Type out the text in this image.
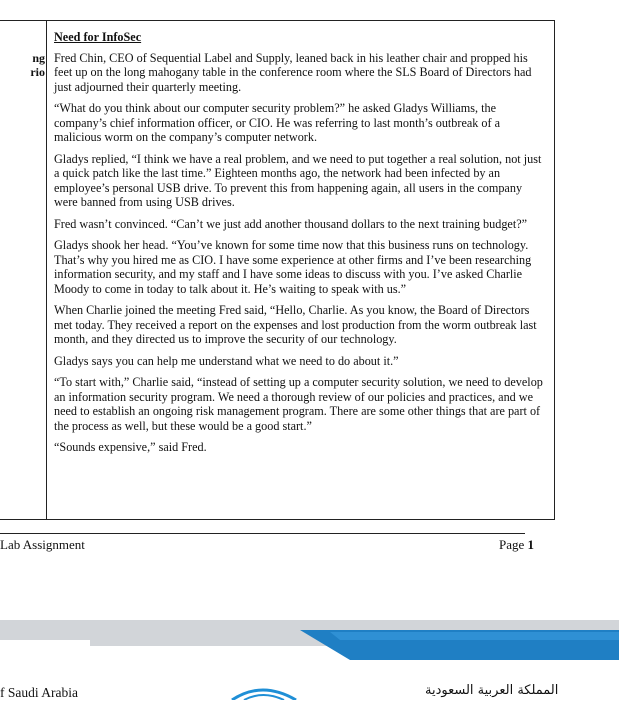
ng
rio
Need for InfoSec

Fred Chin, CEO of Sequential Label and Supply, leaned back in his leather chair and propped his feet up on the long mahogany table in the conference room where the SLS Board of Directors had just adjourned their quarterly meeting.

“What do you think about our computer security problem?” he asked Gladys Williams, the company’s chief information officer, or CIO. He was referring to last month’s outbreak of a malicious worm on the company’s computer network.

Gladys replied, “I think we have a real problem, and we need to put together a real solution, not just a quick patch like the last time.” Eighteen months ago, the network had been infected by an employee’s personal USB drive. To prevent this from happening again, all users in the company were banned from using USB drives.

Fred wasn’t convinced. “Can’t we just add another thousand dollars to the next training budget?”

Gladys shook her head. “You’ve known for some time now that this business runs on technology. That’s why you hired me as CIO. I have some experience at other firms and I’ve been researching information security, and my staff and I have some ideas to discuss with you. I’ve asked Charlie Moody to come in today to talk about it. He’s waiting to speak with us.”

When Charlie joined the meeting Fred said, “Hello, Charlie. As you know, the Board of Directors met today. They received a report on the expenses and lost production from the worm outbreak last month, and they directed us to improve the security of our technology.

Gladys says you can help me understand what we need to do about it.”

“To start with,” Charlie said, “instead of setting up a computer security solution, we need to develop an information security program. We need a thorough review of our policies and practices, and we need to establish an ongoing risk management program. There are some other things that are part of the process as well, but these would be a good start.”

“Sounds expensive,” said Fred.

Lab Assignment	Page 1
f Saudi Arabia	المملكة العربية السعودية
